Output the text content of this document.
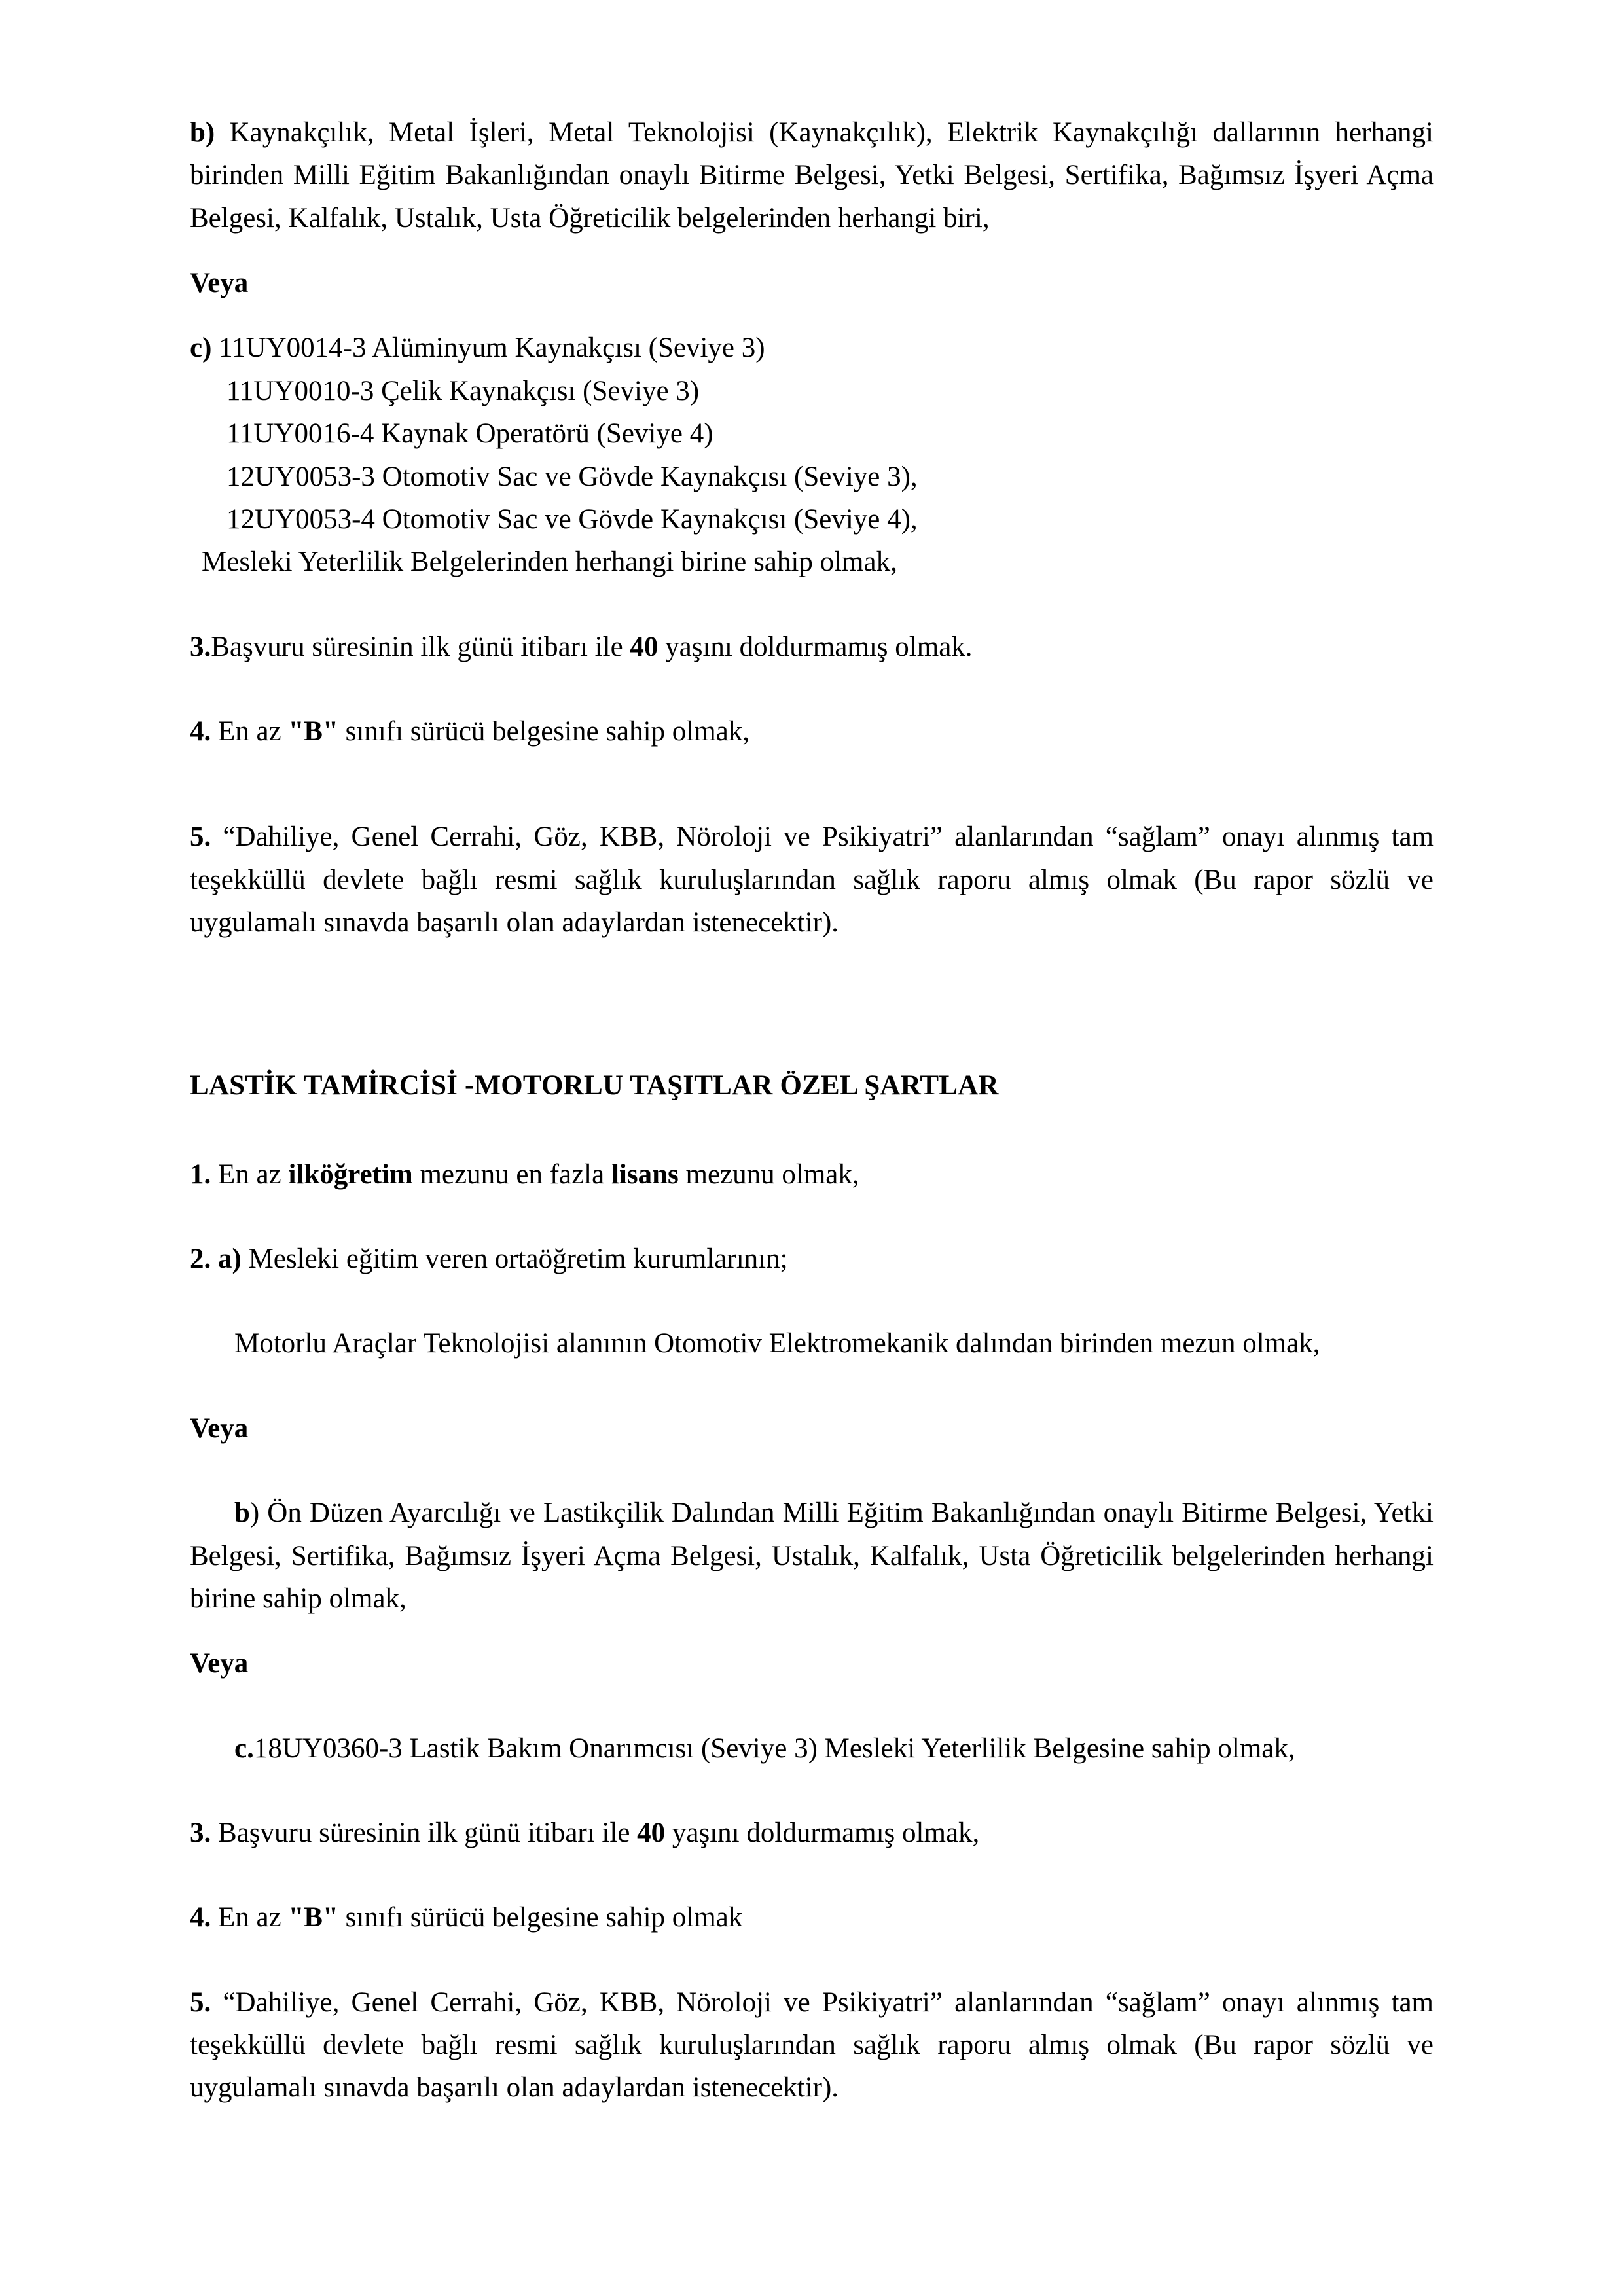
b) Kaynakçılık, Metal İşleri, Metal Teknolojisi (Kaynakçılık), Elektrik Kaynakçılığı dallarının herhangi birinden Milli Eğitim Bakanlığından onaylı Bitirme Belgesi, Yetki Belgesi, Sertifika, Bağımsız İşyeri Açma Belgesi, Kalfalık, Ustalık, Usta Öğreticilik belgelerinden herhangi biri,

Veya

c) 11UY0014-3 Alüminyum Kaynakçısı (Seviye 3)
11UY0010-3 Çelik Kaynakçısı (Seviye 3)
11UY0016-4 Kaynak Operatörü (Seviye 4)
12UY0053-3 Otomotiv Sac ve Gövde Kaynakçısı (Seviye 3),
12UY0053-4 Otomotiv Sac ve Gövde Kaynakçısı (Seviye 4),
Mesleki Yeterlilik Belgelerinden herhangi birine sahip olmak,

3.Başvuru süresinin ilk günü itibarı ile 40 yaşını doldurmamış olmak.

4. En az "B" sınıfı sürücü belgesine sahip olmak,

5. “Dahiliye, Genel Cerrahi, Göz, KBB, Nöroloji ve Psikiyatri” alanlarından “sağlam” onayı alınmış tam teşekküllü devlete bağlı resmi sağlık kuruluşlarından sağlık raporu almış olmak (Bu rapor sözlü ve uygulamalı sınavda başarılı olan adaylardan istenecektir).

LASTİK TAMİRCİSİ -MOTORLU TAŞITLAR ÖZEL ŞARTLAR

1. En az ilköğretim mezunu en fazla lisans mezunu olmak,

2. a) Mesleki eğitim veren ortaöğretim kurumlarının;

Motorlu Araçlar Teknolojisi alanının Otomotiv Elektromekanik dalından birinden mezun olmak,

Veya

b) Ön Düzen Ayarcılığı ve Lastikçilik Dalından Milli Eğitim Bakanlığından onaylı Bitirme Belgesi, Yetki Belgesi, Sertifika, Bağımsız İşyeri Açma Belgesi, Ustalık, Kalfalık, Usta Öğreticilik belgelerinden herhangi birine sahip olmak,

Veya

c.18UY0360-3 Lastik Bakım Onarımcısı (Seviye 3) Mesleki Yeterlilik Belgesine sahip olmak,

3. Başvuru süresinin ilk günü itibarı ile 40 yaşını doldurmamış olmak,

4. En az "B" sınıfı sürücü belgesine sahip olmak

5. “Dahiliye, Genel Cerrahi, Göz, KBB, Nöroloji ve Psikiyatri” alanlarından “sağlam” onayı alınmış tam teşekküllü devlete bağlı resmi sağlık kuruluşlarından sağlık raporu almış olmak (Bu rapor sözlü ve uygulamalı sınavda başarılı olan adaylardan istenecektir).
